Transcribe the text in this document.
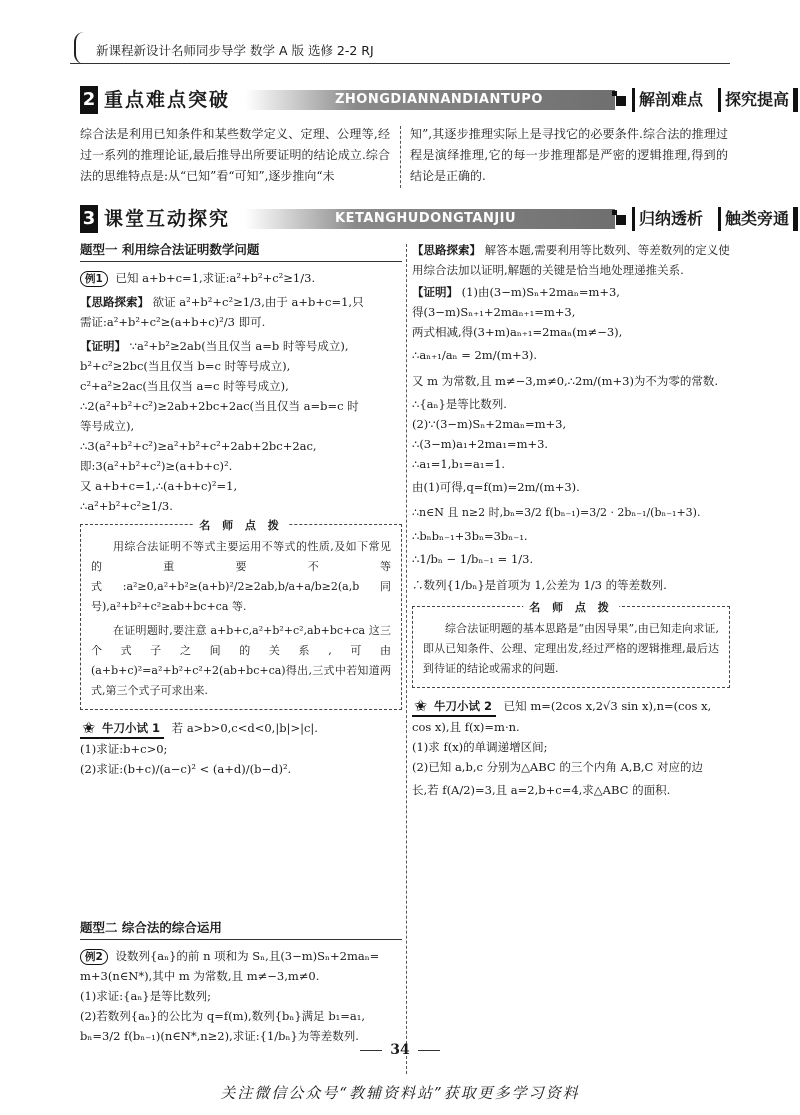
新课程新设计名师同步导学 数学 A 版 选修 2-2 RJ
2 重点难点突破	ZHONGDIANNANDIANTUPO	解剖难点	探究提高
综合法是利用已知条件和某些数学定义、定理、公理等,经过一系列的推理论证,最后推导出所要证明的结论成立.综合法的思维特点是:从“已知”看“可知”,逐步推向“未
知”,其逐步推理实际上是寻找它的必要条件.综合法的推理过程是演绎推理,它的每一步推理都是严密的逻辑推理,得到的结论是正确的.
3 课堂互动探究	KETANGHUDONGTANJIU	归纳透析	触类旁通
题型一 利用综合法证明数学问题
例1 已知 a+b+c=1,求证:a²+b²+c²≥1/3.
【思路探索】 欲证 a²+b²+c²≥1/3,由于 a+b+c=1,只
需证:a²+b²+c²≥(a+b+c)²/3 即可.
【证明】 ∵a²+b²≥2ab(当且仅当 a=b 时等号成立),
b²+c²≥2bc(当且仅当 b=c 时等号成立),
c²+a²≥2ac(当且仅当 a=c 时等号成立),
∴2(a²+b²+c²)≥2ab+2bc+2ac(当且仅当 a=b=c 时
等号成立),
∴3(a²+b²+c²)≥a²+b²+c²+2ab+2bc+2ac,
即:3(a²+b²+c²)≥(a+b+c)².
又 a+b+c=1,∴(a+b+c)²=1,
∴a²+b²+c²≥1/3.
名 师 点 拨

用综合法证明不等式主要运用不等式的性质,及如下常见的重要不等式:a²≥0,a²+b²≥(a+b)²/2≥2ab,b/a+a/b≥2(a,b同号),a²+b²+c²≥ab+bc+ca 等.

在证明题时,要注意 a+b+c,a²+b²+c²,ab+bc+ca 这三个式子之间的关系,可由(a+b+c)²=a²+b²+c²+2(ab+bc+ca)得出,三式中若知道两式,第三个式子可求出来.

✬ 牛刀小试 1 若 a>b>0,c<d<0,|b|>|c|.
(1)求证:b+c>0;
(2)求证:(b+c)/(a−c)² < (a+d)/(b−d)².
题型二 综合法的综合运用
例2 设数列{aₙ}的前 n 项和为 Sₙ,且(3−m)Sₙ+2maₙ=
m+3(n∈N*),其中 m 为常数,且 m≠−3,m≠0.
(1)求证:{aₙ}是等比数列;
(2)若数列{aₙ}的公比为 q=f(m),数列{bₙ}满足 b₁=a₁,
bₙ=3/2 f(bₙ₋₁)(n∈N*,n≥2),求证:{1/bₙ}为等差数列.
【思路探索】 解答本题,需要利用等比数列、等差数列的定义使用综合法加以证明,解题的关键是恰当地处理递推关系.
【证明】 (1)由(3−m)Sₙ+2maₙ=m+3,
得(3−m)Sₙ₊₁+2maₙ₊₁=m+3,
两式相减,得(3+m)aₙ₊₁=2maₙ(m≠−3),
∴aₙ₊₁/aₙ = 2m/(m+3).
又 m 为常数,且 m≠−3,m≠0,∴2m/(m+3)为不为零的常数.
∴{aₙ}是等比数列.
(2)∵(3−m)Sₙ+2maₙ=m+3,
∴(3−m)a₁+2ma₁=m+3.
∴a₁=1,b₁=a₁=1.
由(1)可得,q=f(m)=2m/(m+3).
∴n∈N 且 n≥2 时,bₙ=3/2 f(bₙ₋₁)=3/2 · 2bₙ₋₁/(bₙ₋₁+3).
∴bₙbₙ₋₁+3bₙ=3bₙ₋₁.
∴1/bₙ − 1/bₙ₋₁ = 1/3.
∴数列{1/bₙ}是首项为 1,公差为 1/3 的等差数列.
名 师 点 拨

综合法证明题的基本思路是“由因导果”,由已知走向求证,即从已知条件、公理、定理出发,经过严格的逻辑推理,最后达到待证的结论或需求的问题.

✬ 牛刀小试 2 已知 m=(2cos x,2√3 sin x),n=(cos x,
cos x),且 f(x)=m·n.
(1)求 f(x)的单调递增区间;
(2)已知 a,b,c 分别为△ABC 的三个内角 A,B,C 对应的边
长,若 f(A/2)=3,且 a=2,b+c=4,求△ABC 的面积.
34
关注微信公众号“教辅资料站”获取更多学习资料
